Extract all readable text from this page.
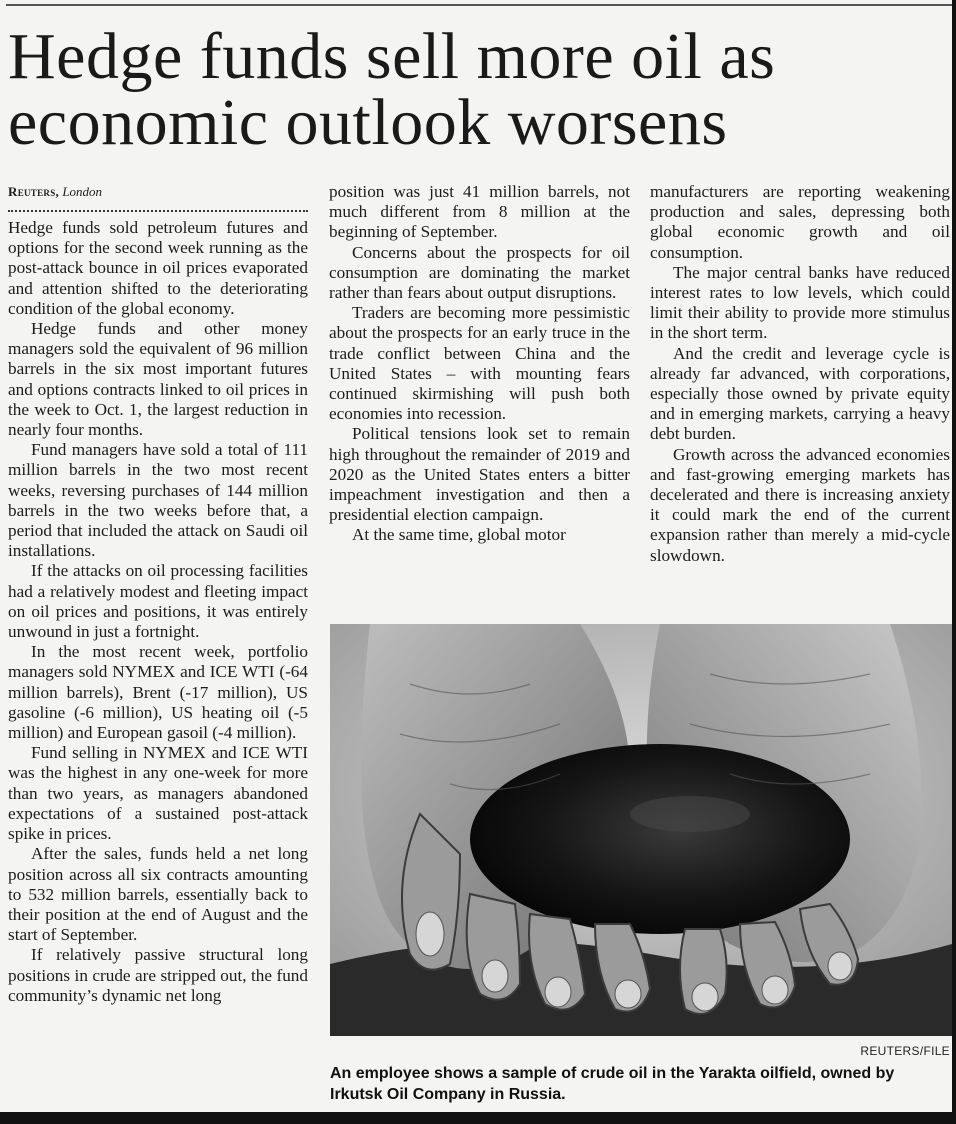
Hedge funds sell more oil as economic outlook worsens

Reuters, London

Hedge funds sold petroleum futures and options for the second week running as the post-attack bounce in oil prices evaporated and attention shifted to the deteriorating condition of the global economy.

Hedge funds and other money managers sold the equivalent of 96 million barrels in the six most important futures and options contracts linked to oil prices in the week to Oct. 1, the largest reduction in nearly four months.

Fund managers have sold a total of 111 million barrels in the two most recent weeks, reversing purchases of 144 million barrels in the two weeks before that, a period that included the attack on Saudi oil installations.

If the attacks on oil processing facilities had a relatively modest and fleeting impact on oil prices and positions, it was entirely unwound in just a fortnight.

In the most recent week, portfolio managers sold NYMEX and ICE WTI (-64 million barrels), Brent (-17 million), US gasoline (-6 million), US heating oil (-5 million) and European gasoil (-4 million).

Fund selling in NYMEX and ICE WTI was the highest in any one-week for more than two years, as managers abandoned expectations of a sustained post-attack spike in prices.

After the sales, funds held a net long position across all six contracts amounting to 532 million barrels, essentially back to their position at the end of August and the start of September.

If relatively passive structural long positions in crude are stripped out, the fund community’s dynamic net long

position was just 41 million barrels, not much different from 8 million at the beginning of September.

Concerns about the prospects for oil consumption are dominating the market rather than fears about output disruptions.

Traders are becoming more pessimistic about the prospects for an early truce in the trade conflict between China and the United States – with mounting fears continued skirmishing will push both economies into recession.

Political tensions look set to remain high throughout the remainder of 2019 and 2020 as the United States enters a bitter impeachment investigation and then a presidential election campaign.

At the same time, global motor

manufacturers are reporting weakening production and sales, depressing both global economic growth and oil consumption.

The major central banks have reduced interest rates to low levels, which could limit their ability to provide more stimulus in the short term.

And the credit and leverage cycle is already far advanced, with corporations, especially those owned by private equity and in emerging markets, carrying a heavy debt burden.

Growth across the advanced economies and fast-growing emerging markets has decelerated and there is increasing anxiety it could mark the end of the current expansion rather than merely a mid-cycle slowdown.

REUTERS/FILE
An employee shows a sample of crude oil in the Yarakta oilfield, owned by Irkutsk Oil Company in Russia.
